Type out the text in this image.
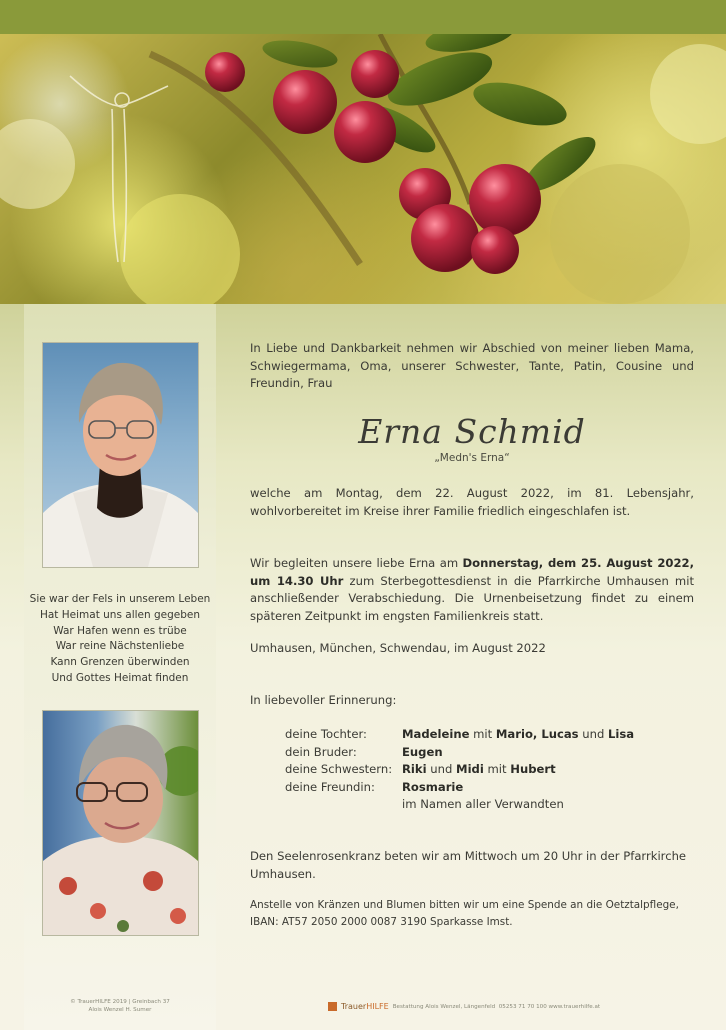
Sie war der Fels in unserem Leben
Hat Heimat uns allen gegeben
War Hafen wenn es trübe
War reine Nächstenliebe
Kann Grenzen überwinden
Und Gottes Heimat finden
In Liebe und Dankbarkeit nehmen wir Abschied von meiner lieben Mama, Schwiegermama, Oma, unserer Schwester, Tante, Patin, Cousine und Freundin, Frau
Erna Schmid
„Medn's Erna“
welche am Montag, dem 22. August 2022, im 81. Lebensjahr, wohlvorbereitet im Kreise ihrer Familie friedlich eingeschlafen ist.
Wir begleiten unsere liebe Erna am Donnerstag, dem 25. August 2022, um 14.30 Uhr zum Sterbegottesdienst in die Pfarrkirche Umhausen mit anschließender Verabschiedung. Die Urnenbeisetzung findet zu einem späteren Zeitpunkt im engsten Familienkreis statt.
Umhausen, München, Schwendau, im August 2022
In liebevoller Erinnerung:
deine Tochter:	Madeleine mit Mario, Lucas und Lisa
dein Bruder:	Eugen
deine Schwestern: Riki und Midi mit Hubert
deine Freundin: Rosmarie
im Namen aller Verwandten
Den Seelenrosenkranz beten wir am Mittwoch um 20 Uhr in der Pfarrkirche Umhausen.
Anstelle von Kränzen und Blumen bitten wir um eine Spende an die Oetztalpflege, IBAN: AT57 2050 2000 0087 3190 Sparkasse Imst.
© TrauerHILFE 2019 | Greinbach 37
Alois Wenzel H. Sumer	TrauerHILFE Bestattung Alois Wenzel, Längenfeld  05253 71 70 100 www.trauerhilfe.at
